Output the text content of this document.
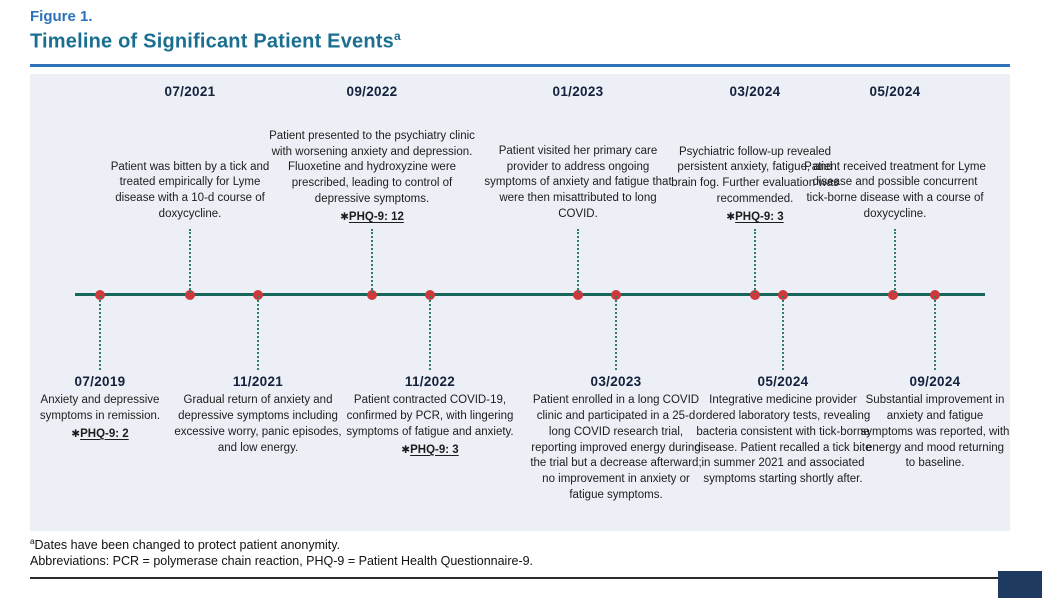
Figure 1.
Timeline of Significant Patient Events$^a$
07/2021
Patient was bitten by a tick and treated empirically for Lyme disease with a 10-d course of doxycycline.
09/2022
Patient presented to the psychiatry clinic with worsening anxiety and depression. Fluoxetine and hydroxyzine were prescribed, leading to control of depressive symptoms.
✱PHQ-9: 12
01/2023
Patient visited her primary care provider to address ongoing symptoms of anxiety and fatigue that were then misattributed to long COVID.
03/2024
Psychiatric follow-up revealed persistent anxiety, fatigue, and brain fog. Further evaluation was recommended.
✱PHQ-9: 3
05/2024
Patient received treatment for Lyme disease and possible concurrent tick-borne disease with a course of doxycycline.
07/2019
Anxiety and depressive symptoms in remission.
✱PHQ-9: 2
11/2021
Gradual return of anxiety and depressive symptoms including excessive worry, panic episodes, and low energy.
11/2022
Patient contracted COVID-19, confirmed by PCR, with lingering symptoms of fatigue and anxiety.
✱PHQ-9: 3
03/2023
Patient enrolled in a long COVID clinic and participated in a 25-d long COVID research trial, reporting improved energy during the trial but a decrease afterward; no improvement in anxiety or fatigue symptoms.
05/2024
Integrative medicine provider ordered laboratory tests, revealing bacteria consistent with tick-borne disease. Patient recalled a tick bite in summer 2021 and associated symptoms starting shortly after.
09/2024
Substantial improvement in anxiety and fatigue symptoms was reported, with energy and mood returning to baseline.
$^a$Dates have been changed to protect patient anonymity.
Abbreviations: PCR = polymerase chain reaction, PHQ-9 = Patient Health Questionnaire-9.
